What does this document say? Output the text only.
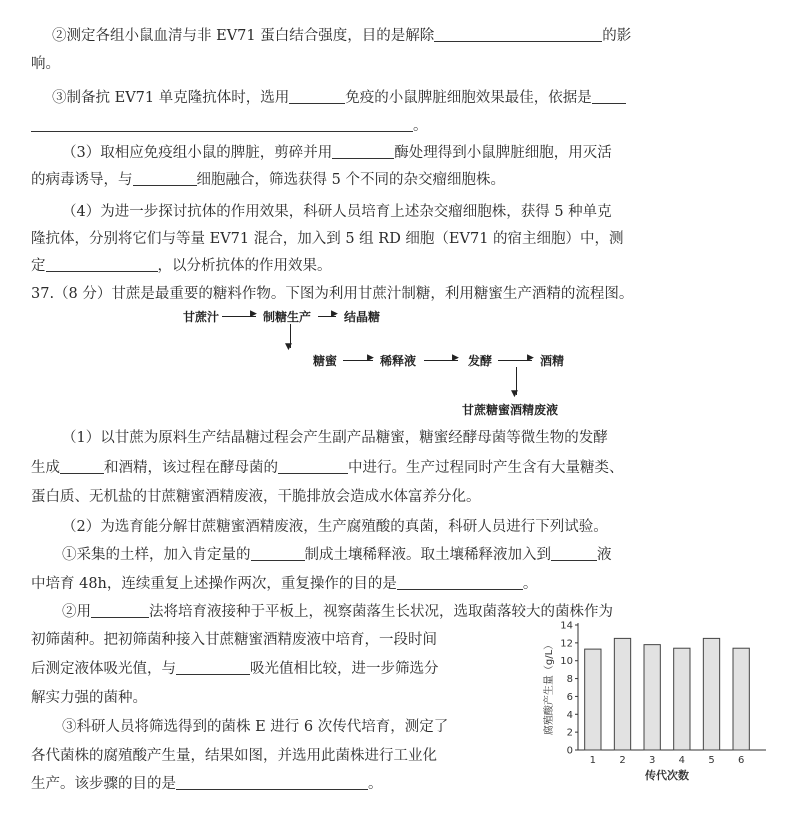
②测定各组小鼠血清与非 EV71 蛋白结合强度，目的是解除	的影
响。
③制备抗 EV71 单克隆抗体时，选用	免疫的小鼠脾脏细胞效果最佳，依据是
。
（3）取相应免疫组小鼠的脾脏，剪碎并用	酶处理得到小鼠脾脏细胞，用灭活
的病毒诱导，与	细胞融合，筛选获得 5 个不同的杂交瘤细胞株。
（4）为进一步探讨抗体的作用效果，科研人员培育上述杂交瘤细胞株，获得 5 种单克
隆抗体，分别将它们与等量 EV71 混合，加入到 5 组 RD 细胞（EV71 的宿主细胞）中，测
定	，以分析抗体的作用效果。
37.（8 分）甘蔗是最重要的糖料作物。下图为利用甘蔗汁制糖，利用糖蜜生产酒精的流程图。
甘蔗汁	▶ 制糖生产 ▶ 结晶糖
▼
糖蜜	▶ 稀释液	▶ 发酵	▶ 酒精
▼
甘蔗糖蜜酒精废液
（1）以甘蔗为原料生产结晶糖过程会产生副产品糖蜜，糖蜜经酵母菌等微生物的发酵
生成	和酒精，该过程在酵母菌的	中进行。生产过程同时产生含有大量糖类、
蛋白质、无机盐的甘蔗糖蜜酒精废液，干脆排放会造成水体富养分化。
（2）为选育能分解甘蔗糖蜜酒精废液，生产腐殖酸的真菌，科研人员进行下列试验。
①采集的土样，加入肯定量的	制成土壤稀释液。取土壤稀释液加入到	液
中培育 48h，连续重复上述操作两次，重复操作的目的是	。
②用	法将培育液接种于平板上，视察菌落生长状况，选取菌落较大的菌株作为
初筛菌种。把初筛菌种接入甘蔗糖蜜酒精废液中培育，一段时间
后测定液体吸光值，与	吸光值相比较，进一步筛选分
解实力强的菌种。
③科研人员将筛选得到的菌株 E 进行 6 次传代培育，测定了
各代菌株的腐殖酸产生量，结果如图，并选用此菌株进行工业化
生产。该步骤的目的是	。
0
2
4
6
8
10
12
14
1 2 3 4 5 6
传代次数
腐殖酸产生量（g/L）
